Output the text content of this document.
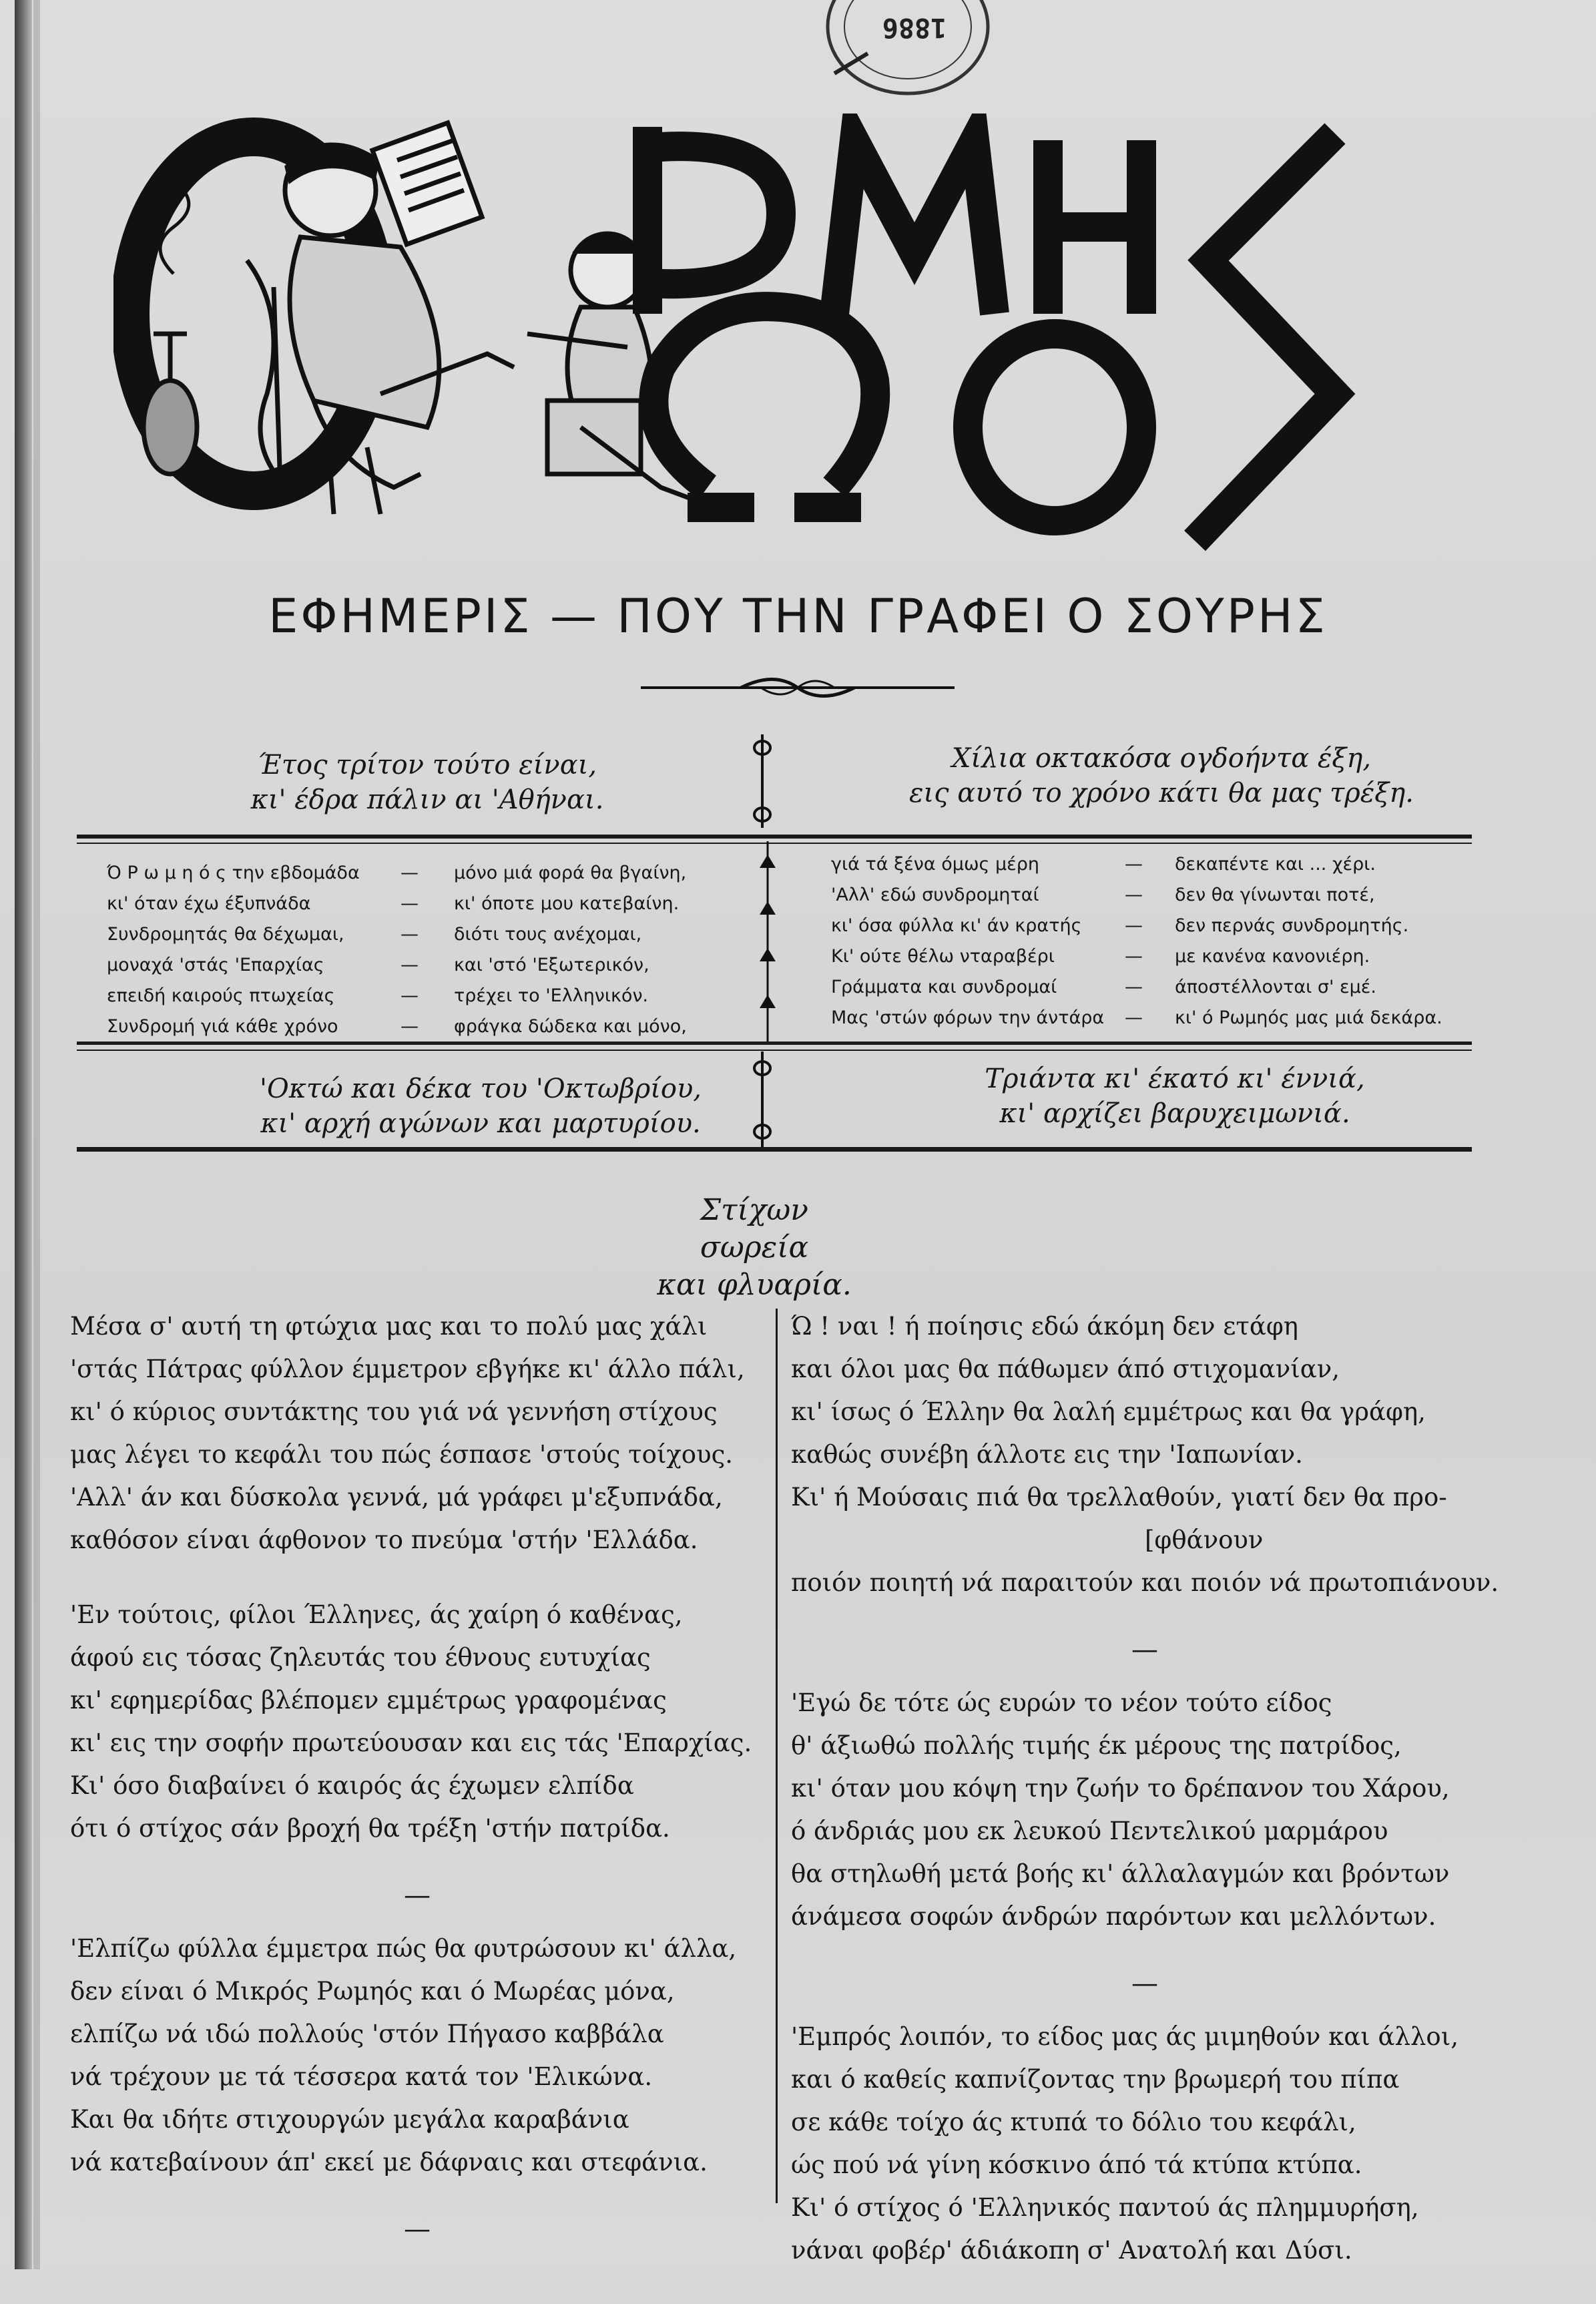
1886
ΕΦΗΜΕΡΙΣ — ΠΟΥ ΤΗΝ ΓΡΑΦΕΙ Ο ΣΟΥΡΗΣ
Έτος τρίτον τούτο είναι,
κι' έδρα πάλιν αι 'Αθήναι.
Χίλια οκτακόσα ογδοήντα έξη,
εις αυτό το χρόνο κάτι θα μας τρέξη.
Ό Ρ ω μ η ό ς την εβδομάδα — μόνο μιά φορά θα βγαίνη,
κι' όταν έχω έξυπνάδα	— κι' όποτε μου κατεβαίνη.
Συνδρομητάς θα δέχωμαι,	— διότι τους ανέχομαι,
μοναχά 'στάς 'Επαρχίας	— και 'στό 'Εξωτερικόν,
επειδή καιρούς πτωχείας	— τρέχει το 'Ελληνικόν.
Συνδρομή γιά κάθε χρόνο	— φράγκα δώδεκα και μόνο,
γιά τά ξένα όμως μέρη	— δεκαπέντε και ... χέρι.
'Αλλ' εδώ συνδρομηταί	— δεν θα γίνωνται ποτέ,
κι' όσα φύλλα κι' άν κρατής — δεν περνάς συνδρομητής.
Κι' ούτε θέλω νταραβέρι	— με κανένα κανονιέρη.
Γράμματα και συνδρομαί	— άποστέλλονται σ' εμέ.
Μας 'στών φόρων την άντάρα — κι' ό Ρωμηός μας μιά δεκάρα.
'Οκτώ και δέκα του 'Οκτωβρίου,
κι' αρχή αγώνων και μαρτυρίου.
Τριάντα κι' έκατό κι' έννιά,
κι' αρχίζει βαρυχειμωνιά.
Στίχων σωρεία
και φλυαρία.

Μέσα σ' αυτή τη φτώχια μας και το πολύ μας χάλι

'στάς Πάτρας φύλλον έμμετρον εβγήκε κι' άλλο πάλι,

κι' ό κύριος συντάκτης του γιά νά γεννήση στίχους

μας λέγει το κεφάλι του πώς έσπασε 'στούς τοίχους.

'Αλλ' άν και δύσκολα γεννά, μά γράφει μ'εξυπνάδα,

καθόσον είναι άφθονον το πνεύμα 'στήν 'Ελλάδα.

'Εν τούτοις, φίλοι Έλληνες, άς χαίρη ό καθένας,

άφού εις τόσας ζηλευτάς του έθνους ευτυχίας

κι' εφημερίδας βλέπομεν εμμέτρως γραφομένας

κι' εις την σοφήν πρωτεύουσαν και εις τάς 'Επαρχίας.

Κι' όσο διαβαίνει ό καιρός άς έχωμεν ελπίδα

ότι ό στίχος σάν βροχή θα τρέξη 'στήν πατρίδα.

—

'Ελπίζω φύλλα έμμετρα πώς θα φυτρώσουν κι' άλλα,

δεν είναι ό Μικρός Ρωμηός και ό Μωρέας μόνα,

ελπίζω νά ιδώ πολλούς 'στόν Πήγασο καββάλα

νά τρέχουν με τά τέσσερα κατά τον 'Ελικώνα.

Και θα ιδήτε στιχουργών μεγάλα καραβάνια

νά κατεβαίνουν άπ' εκεί με δάφναις και στεφάνια.

—

Ώ ! ναι ! ή ποίησις εδώ άκόμη δεν ετάφη

και όλοι μας θα πάθωμεν άπό στιχομανίαν,

κι' ίσως ό Έλλην θα λαλή εμμέτρως και θα γράφη,

καθώς συνέβη άλλοτε εις την 'Ιαπωνίαν.

Κι' ή Μούσαις πιά θα τρελλαθούν, γιατί δεν θα προ-

[φθάνουν

ποιόν ποιητή νά παραιτούν και ποιόν νά πρωτοπιάνουν.

—

'Εγώ δε τότε ώς ευρών το νέον τούτο είδος

θ' άξιωθώ πολλής τιμής έκ μέρους της πατρίδος,

κι' όταν μου κόψη την ζωήν το δρέπανον του Χάρου,

ό άνδριάς μου εκ λευκού Πεντελικού μαρμάρου

θα στηλωθή μετά βοής κι' άλλαλαγμών και βρόντων

άνάμεσα σοφών άνδρών παρόντων και μελλόντων.

—

'Εμπρός λοιπόν, το είδος μας άς μιμηθούν και άλλοι,

και ό καθείς καπνίζοντας την βρωμερή του πίπα

σε κάθε τοίχο άς κτυπά το δόλιο του κεφάλι,

ώς πού νά γίνη κόσκινο άπό τά κτύπα κτύπα.

Κι' ό στίχος ό 'Ελληνικός παντού άς πλημμυρήση,

νάναι φοβέρ' άδιάκοπη σ' Ανατολή και Δύσι.
